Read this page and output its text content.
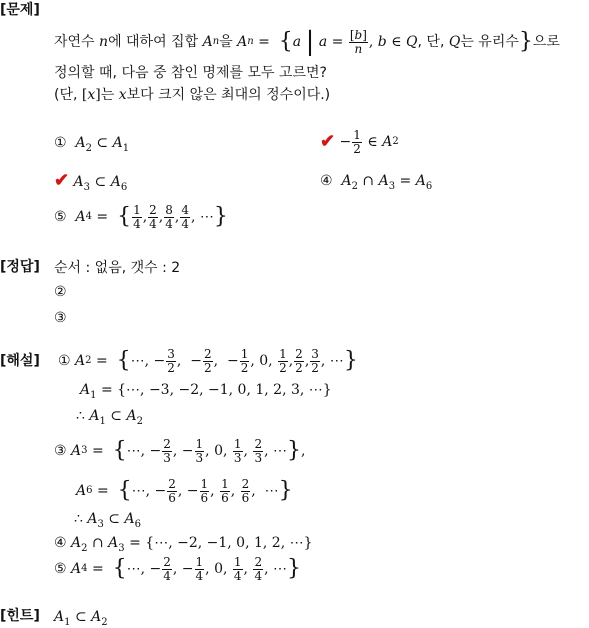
[문제]
자연수
n 에 대하여 집합
A n 을
A n = { a
|
$a = \frac{[b]}{n}$ , b ∈ Q , 단,
Q 는 유리수 } 으로
정의할 때, 다음 중 참인 명제를 모두 고르면?
(단, [x]는 x보다 크지 않은 최대의 정수이다.)
① $A_2$ ⊂ $A_1$	✔ − $\frac{1}{2}$ ∈ A 2
✔ $A_3$ ⊂ $A_6$	④ $A_2$ ∩ $A_3 = A_6$
⑤
A 4 = { $\frac{1}{4}$ , $\frac{2}{4}$ , $\frac{8}{4}$ , $\frac{4}{4}$ , ⋯ }
[정답] 순서 : 없음, 갯수 : 2
②
③
[해설] ①
A 2 = { ⋯, − $\frac{3}{2}$ ,  − $\frac{2}{2}$ ,  − $\frac{1}{2}$ , 0, $\frac{1}{2}$ , $\frac{2}{2}$ , $\frac{3}{2}$ , ⋯ }
$A_1$ = {⋯, −3, −2, −1, 0, 1, 2, 3, ⋯}
∴ $A_1$ ⊂ $A_2$
③
A 3 = { ⋯, − $\frac{2}{3}$ , − $\frac{1}{3}$ , 0, $\frac{1}{3}$ , $\frac{2}{3}$ , ⋯ } ,
A 6 = { ⋯, − $\frac{2}{6}$ , − $\frac{1}{6}$ , $\frac{1}{6}$ , $\frac{2}{6}$ ,  ⋯ }
∴ $A_3$ ⊂ $A_6$
④ $A_2$ ∩ $A_3$ = {⋯, −2, −1, 0, 1, 2, ⋯}
⑤
A 4 = { ⋯, − $\frac{2}{4}$ , − $\frac{1}{4}$ , 0, $\frac{1}{4}$ , $\frac{2}{4}$ , ⋯ }
[힌트] $A_1$ ⊂ $A_2$
